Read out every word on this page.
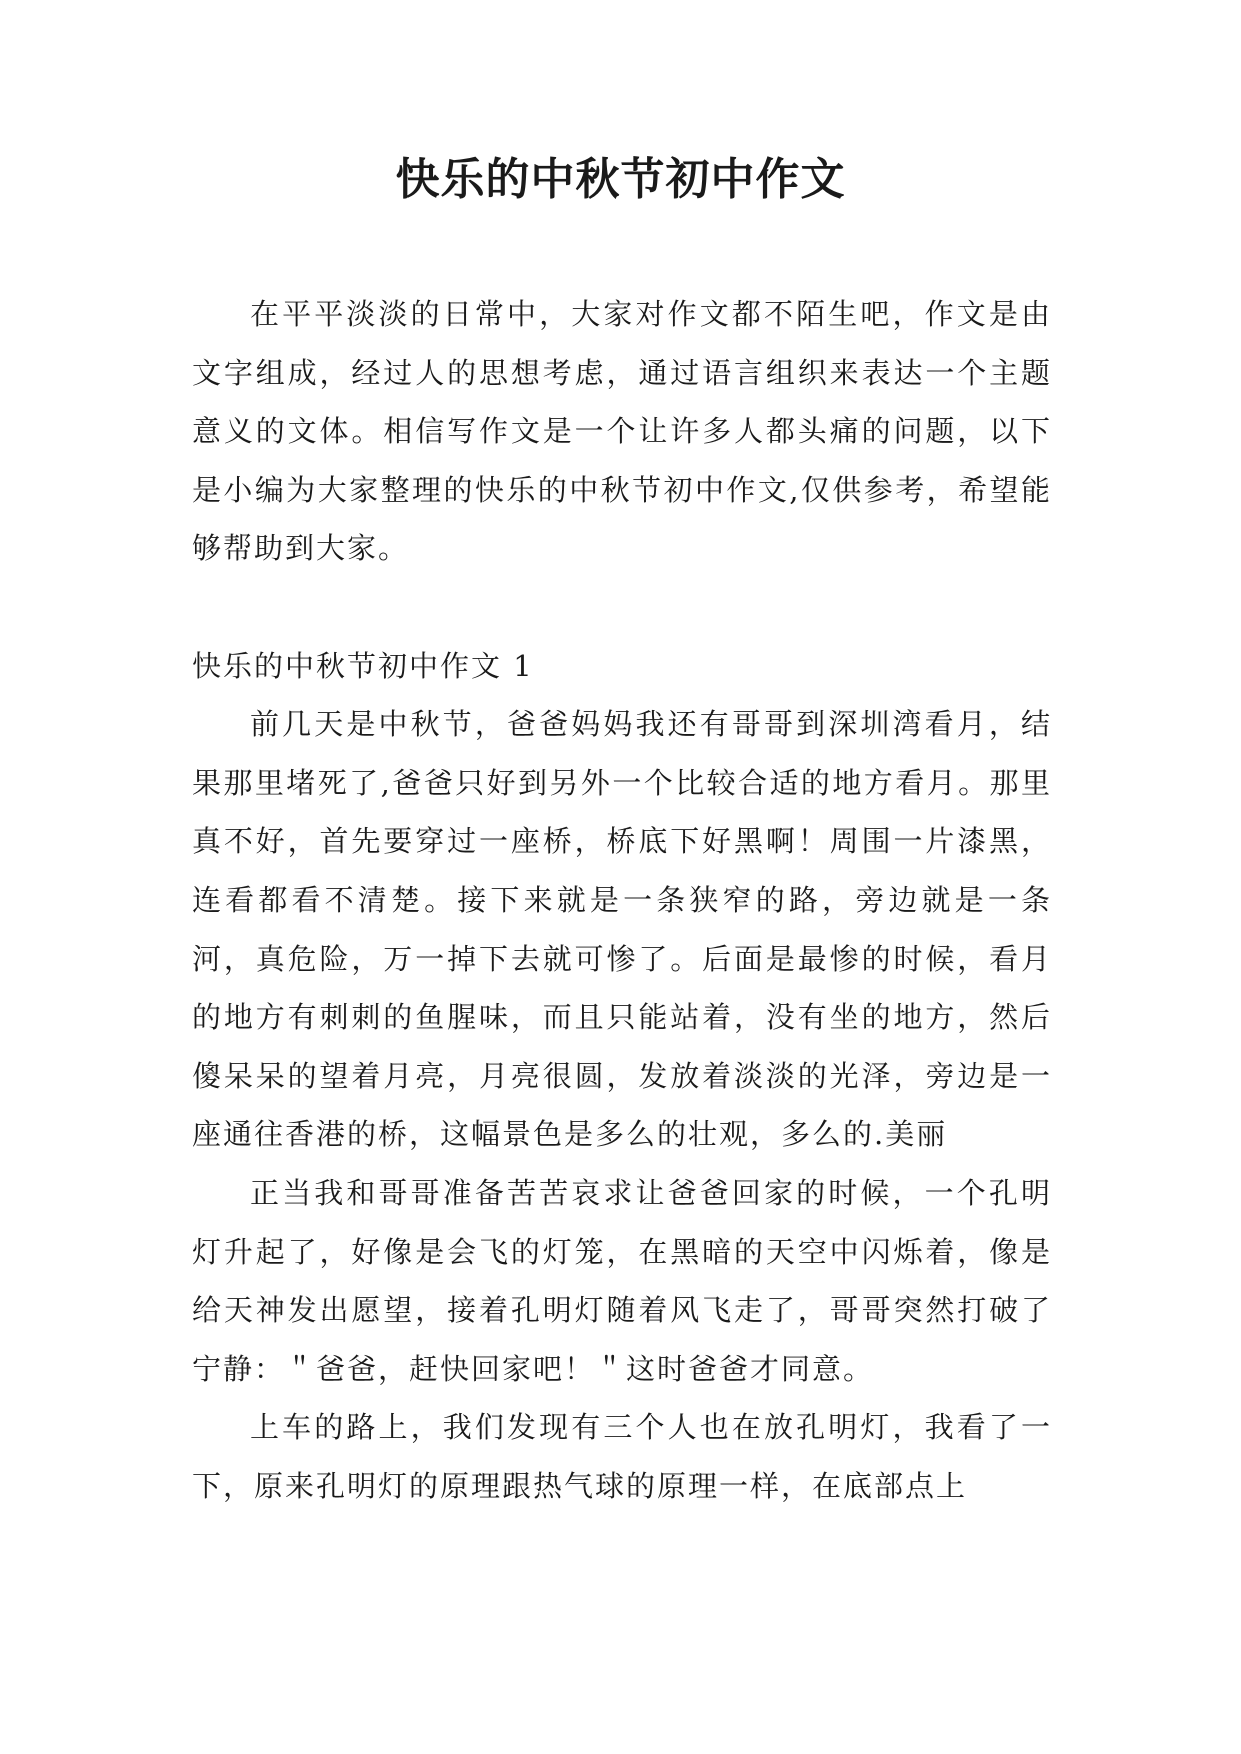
快乐的中秋节初中作文

在平平淡淡的日常中，大家对作文都不陌生吧，作文是由文字组成，经过人的思想考虑，通过语言组织来表达一个主题意义的文体。相信写作文是一个让许多人都头痛的问题，以下是小编为大家整理的快乐的中秋节初中作文,仅供参考，希望能够帮助到大家。

快乐的中秋节初中作文 1

前几天是中秋节，爸爸妈妈我还有哥哥到深圳湾看月，结果那里堵死了,爸爸只好到另外一个比较合适的地方看月。那里真不好，首先要穿过一座桥，桥底下好黑啊！周围一片漆黑，连看都看不清楚。接下来就是一条狭窄的路，旁边就是一条河，真危险，万一掉下去就可惨了。后面是最惨的时候，看月的地方有刺刺的鱼腥味，而且只能站着，没有坐的地方，然后傻呆呆的望着月亮，月亮很圆，发放着淡淡的光泽，旁边是一座通往香港的桥，这幅景色是多么的壮观，多么的.美丽

正当我和哥哥准备苦苦哀求让爸爸回家的时候，一个孔明灯升起了，好像是会飞的灯笼，在黑暗的天空中闪烁着，像是给天神发出愿望，接着孔明灯随着风飞走了，哥哥突然打破了宁静：＂爸爸，赶快回家吧！＂这时爸爸才同意。

上车的路上，我们发现有三个人也在放孔明灯，我看了一下，原来孔明灯的原理跟热气球的原理一样，在底部点上
